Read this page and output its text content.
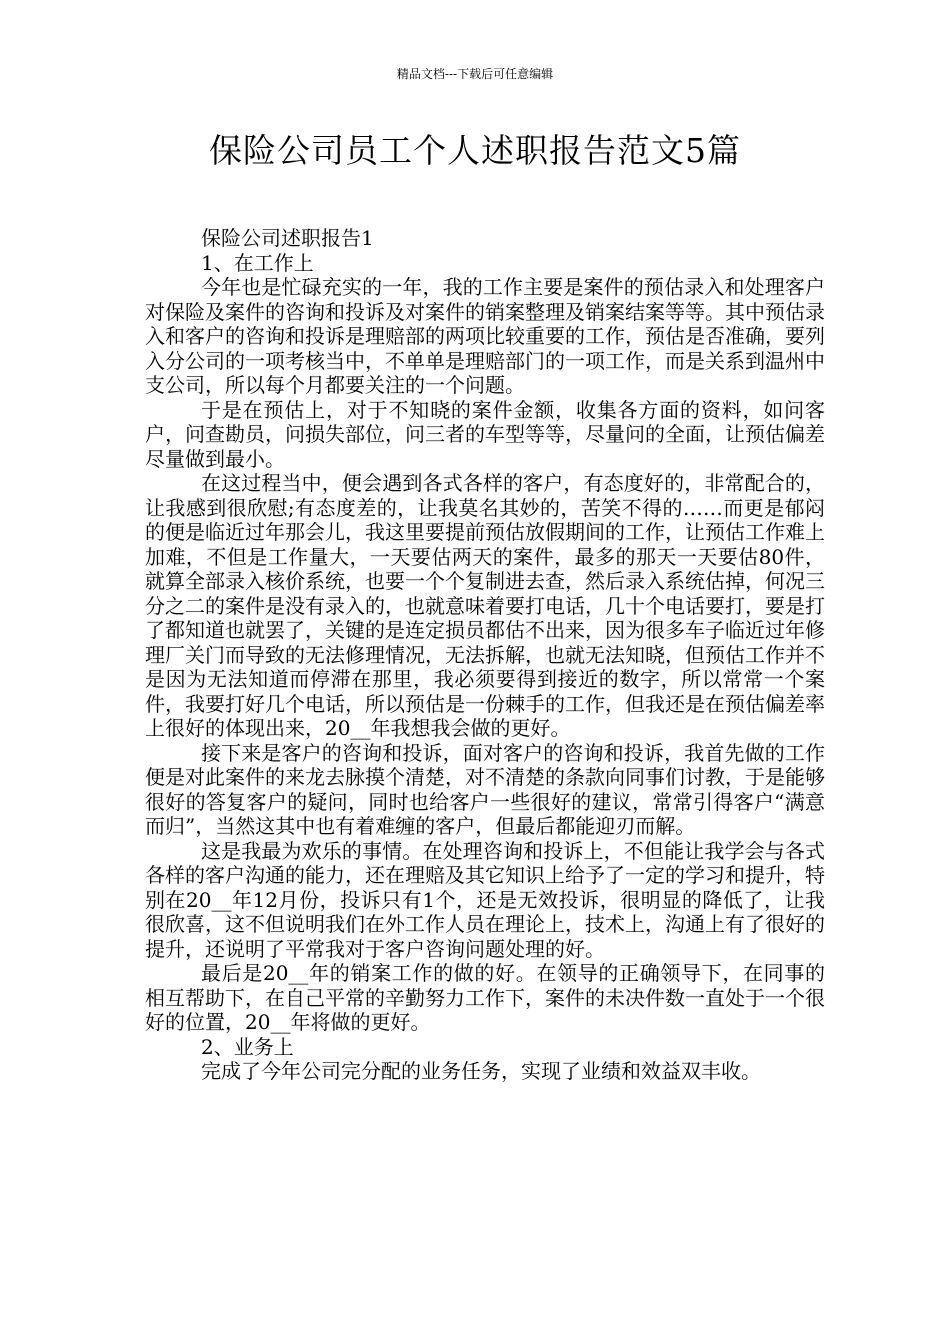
精品文档---下载后可任意编辑
保险公司员工个人述职报告范文5篇

保险公司述职报告1

1、在工作上

今年也是忙碌充实的一年，我的工作主要是案件的预估录入和处理客户对保险及案件的咨询和投诉及对案件的销案整理及销案结案等等。其中预估录入和客户的咨询和投诉是理赔部的两项比较重要的工作，预估是否准确，要列入分公司的一项考核当中，不单单是理赔部门的一项工作，而是关系到温州中支公司，所以每个月都要关注的一个问题。

于是在预估上，对于不知晓的案件金额，收集各方面的资料，如问客户，问查勘员，问损失部位，问三者的车型等等，尽量问的全面，让预估偏差尽量做到最小。

在这过程当中，便会遇到各式各样的客户，有态度好的，非常配合的，让我感到很欣慰;有态度差的，让我莫名其妙的，苦笑不得的……而更是郁闷的便是临近过年那会儿，我这里要提前预估放假期间的工作，让预估工作难上加难，不但是工作量大，一天要估两天的案件，最多的那天一天要估80件，就算全部录入核价系统，也要一个个复制进去查，然后录入系统估掉，何况三分之二的案件是没有录入的，也就意味着要打电话，几十个电话要打，要是打了都知道也就罢了，关键的是连定损员都估不出来，因为很多车子临近过年修理厂关门而导致的无法修理情况，无法拆解，也就无法知晓，但预估工作并不是因为无法知道而停滞在那里，我必须要得到接近的数字，所以常常一个案件，我要打好几个电话，所以预估是一份棘手的工作，但我还是在预估偏差率上很好的体现出来，20__年我想我会做的更好。

接下来是客户的咨询和投诉，面对客户的咨询和投诉，我首先做的工作便是对此案件的来龙去脉摸个清楚，对不清楚的条款向同事们讨教，于是能够很好的答复客户的疑问，同时也给客户一些很好的建议，常常引得客户“满意而归”，当然这其中也有着难缠的客户，但最后都能迎刃而解。

这是我最为欢乐的事情。在处理咨询和投诉上，不但能让我学会与各式各样的客户沟通的能力，还在理赔及其它知识上给予了一定的学习和提升，特别在20__年12月份，投诉只有1个，还是无效投诉，很明显的降低了，让我很欣喜，这不但说明我们在外工作人员在理论上，技术上，沟通上有了很好的提升，还说明了平常我对于客户咨询问题处理的好。

最后是20__年的销案工作的做的好。在领导的正确领导下，在同事的相互帮助下，在自己平常的辛勤努力工作下，案件的未决件数一直处于一个很好的位置，20__年将做的更好。

2、业务上

完成了今年公司完分配的业务任务，实现了业绩和效益双丰收。
